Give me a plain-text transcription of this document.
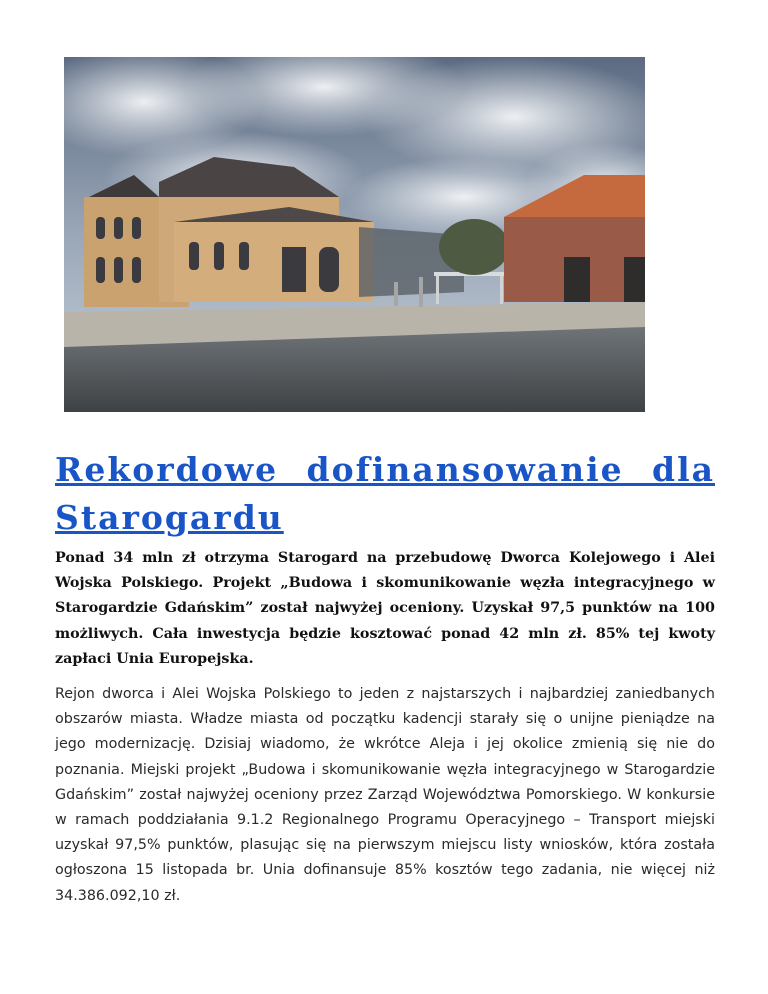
Rekordowe dofinansowanie dla Starogardu

Ponad 34 mln zł otrzyma Starogard na przebudowę Dworca Kolejowego i Alei Wojska Polskiego. Projekt „Budowa i skomunikowanie węzła integracyjnego w Starogardzie Gdańskim” został najwyżej oceniony. Uzyskał 97,5 punktów na 100 możliwych. Cała inwestycja będzie kosztować ponad 42 mln zł. 85% tej kwoty zapłaci Unia Europejska.

Rejon dworca i Alei Wojska Polskiego to jeden z najstarszych i najbardziej zaniedbanych obszarów miasta. Władze miasta od początku kadencji starały się o unijne pieniądze na jego modernizację. Dzisiaj wiadomo, że wkrótce Aleja i jej okolice zmienią się nie do poznania. Miejski projekt „Budowa i skomunikowanie węzła integracyjnego w Starogardzie Gdańskim” został najwyżej oceniony przez Zarząd Województwa Pomorskiego. W konkursie w ramach poddziałania 9.1.2 Regionalnego Programu Operacyjnego – Transport miejski uzyskał 97,5% punktów, plasując się na pierwszym miejscu listy wniosków, która została ogłoszona 15 listopada br. Unia dofinansuje 85% kosztów tego zadania, nie więcej niż 34.386.092,10 zł.
